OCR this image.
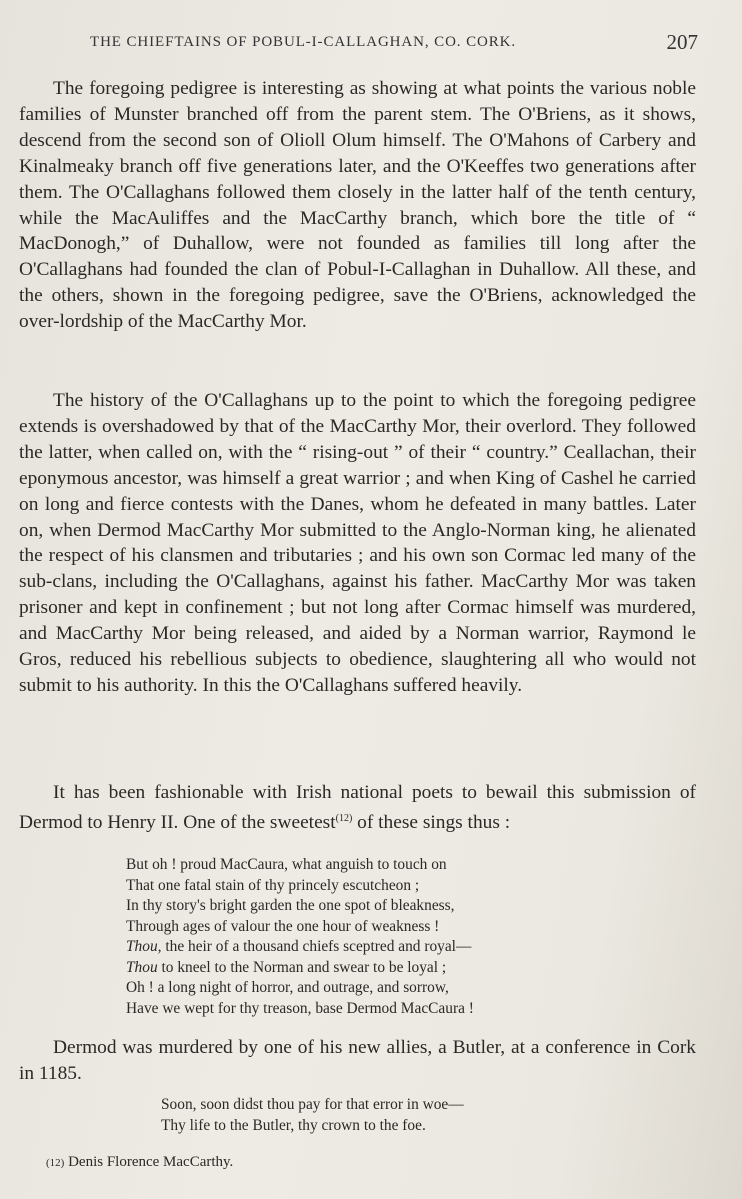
THE CHIEFTAINS OF POBUL-I-CALLAGHAN, CO. CORK.	207

The foregoing pedigree is interesting as showing at what points the various noble families of Munster branched off from the parent stem. The O'Briens, as it shows, descend from the second son of Olioll Olum himself. The O'Mahons of Carbery and Kinalmeaky branch off five generations later, and the O'Keeffes two generations after them. The O'Callaghans followed them closely in the latter half of the tenth century, while the MacAuliffes and the MacCarthy branch, which bore the title of “ MacDonogh,” of Duhallow, were not founded as families till long after the O'Callaghans had founded the clan of Pobul-I-Callaghan in Duhallow. All these, and the others, shown in the foregoing pedigree, save the O'Briens, acknowledged the over-lordship of the MacCarthy Mor.

The history of the O'Callaghans up to the point to which the foregoing pedigree extends is overshadowed by that of the MacCarthy Mor, their overlord. They followed the latter, when called on, with the “ rising-out ” of their “ country.” Ceallachan, their eponymous ancestor, was himself a great warrior ; and when King of Cashel he carried on long and fierce contests with the Danes, whom he defeated in many battles. Later on, when Dermod MacCarthy Mor submitted to the Anglo-Norman king, he alienated the respect of his clansmen and tributaries ; and his own son Cormac led many of the sub-clans, including the O'Callaghans, against his father. MacCarthy Mor was taken prisoner and kept in confinement ; but not long after Cormac himself was murdered, and MacCarthy Mor being released, and aided by a Norman warrior, Raymond le Gros, reduced his rebellious subjects to obedience, slaughtering all who would not submit to his authority. In this the O'Callaghans suffered heavily.

It has been fashionable with Irish national poets to bewail this submission of Dermod to Henry II. One of the sweetest$^{(12)}$ of these sings thus :

But oh ! proud MacCaura, what anguish to touch on
That one fatal stain of thy princely escutcheon ;
In thy story's bright garden the one spot of bleakness,
Through ages of valour the one hour of weakness !
Thou, the heir of a thousand chiefs sceptred and royal—
Thou to kneel to the Norman and swear to be loyal ;
Oh ! a long night of horror, and outrage, and sorrow,
Have we wept for thy treason, base Dermod MacCaura !

Dermod was murdered by one of his new allies, a Butler, at a conference in Cork in 1185.

Soon, soon didst thou pay for that error in woe—
Thy life to the Butler, thy crown to the foe.

(12) Denis Florence MacCarthy.
